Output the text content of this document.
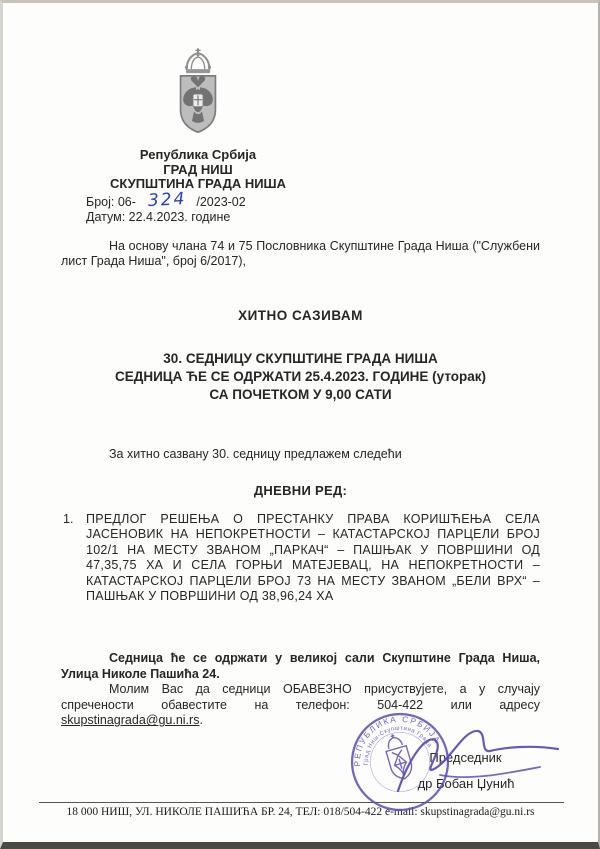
Република Србија
ГРАД НИШ
СКУПШТИНА ГРАДА НИША
Број: 06- 324 /2023-02
Датум: 22.4.2023. године

На основу члана 74 и 75 Пословника Скупштине Града Ниша ("Службени лист Града Ниша", број 6/2017),

ХИТНО САЗИВАМ
30. СЕДНИЦУ СКУПШТИНЕ ГРАДА НИША
СЕДНИЦА ЋЕ СЕ ОДРЖАТИ 25.4.2023. ГОДИНЕ (уторак)
СА ПОЧЕТКОМ У 9,00 САТИ

За хитно сазвану 30. седницу предлажем следећи

ДНЕВНИ РЕД:
1.	ПРЕДЛОГ РЕШЕЊА О ПРЕСТАНКУ ПРАВА КОРИШЋЕЊА СЕЛА ЈАСЕНОВИК НА НЕПОКРЕТНОСТИ – КАТАСТАРСКОЈ ПАРЦЕЛИ БРОЈ 102/1 НА МЕСТУ ЗВАНОМ „ПАРКАЧ“ – ПАШЊАК У ПОВРШИНИ ОД 47,35,75 ХА И СЕЛА ГОРЊИ МАТЕЈЕВАЦ, НА НЕПОКРЕТНОСТИ – КАТАСТАРСКОЈ ПАРЦЕЛИ БРОЈ 73 НА МЕСТУ ЗВАНОМ „БЕЛИ ВРХ“ – ПАШЊАК У ПОВРШИНИ ОД 38,96,24 ХА

Седница ће се одржати у великој сали Скупштине Града Ниша, Улица Николе Пашића 24.

Молим Вас да седници ОБАВЕЗНО присуствујете, а у случају спречености обавестите на телефон: 504-422 или адресу skupstinagrada@gu.ni.rs.

Председник
др Бобан Џунић
РЕПУБЛИКА СРБИЈА
Град Ниш-Скупштина Града
···
18 000 НИШ, УЛ. НИКОЛЕ ПАШИЋА БР. 24, ТЕЛ: 018/504-422 e-mail: skupstinagrada@gu.ni.rs
